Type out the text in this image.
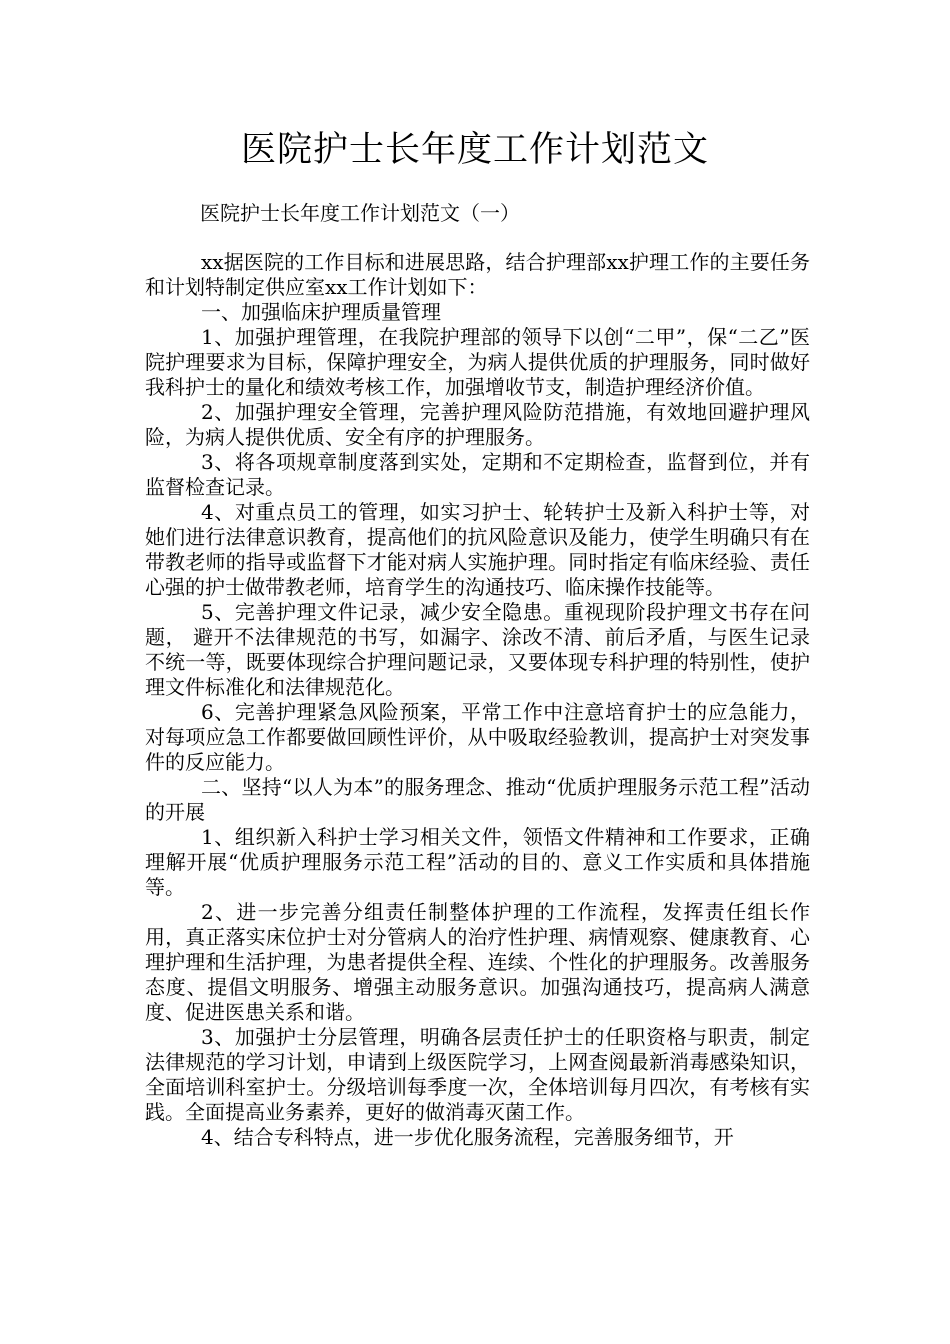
医院护士长年度工作计划范文

医院护士长年度工作计划范文（一）

xx据医院的工作目标和进展思路，结合护理部xx护理工作的主要任务和计划特制定供应室xx工作计划如下：

一、加强临床护理质量管理

1、加强护理管理，在我院护理部的领导下以创“二甲”，保“二乙”医院护理要求为目标，保障护理安全，为病人提供优质的护理服务，同时做好我科护士的量化和绩效考核工作，加强增收节支，制造护理经济价值。

2、加强护理安全管理，完善护理风险防范措施，有效地回避护理风险，为病人提供优质、安全有序的护理服务。

3、将各项规章制度落到实处，定期和不定期检查，监督到位，并有监督检查记录。

4、对重点员工的管理，如实习护士、轮转护士及新入科护士等，对她们进行法律意识教育，提高他们的抗风险意识及能力，使学生明确只有在带教老师的指导或监督下才能对病人实施护理。同时指定有临床经验、责任心强的护士做带教老师，培育学生的沟通技巧、临床操作技能等。

5、完善护理文件记录，减少安全隐患。重视现阶段护理文书存在问题， 避开不法律规范的书写，如漏字、涂改不清、前后矛盾，与医生记录不统一等，既要体现综合护理问题记录，又要体现专科护理的特别性，使护理文件标准化和法律规范化。

6、完善护理紧急风险预案，平常工作中注意培育护士的应急能力，对每项应急工作都要做回顾性评价，从中吸取经验教训，提高护士对突发事件的反应能力。

二、坚持“以人为本”的服务理念、推动“优质护理服务示范工程”活动的开展

1、组织新入科护士学习相关文件，领悟文件精神和工作要求，正确理解开展“优质护理服务示范工程”活动的目的、意义工作实质和具体措施等。

2、进一步完善分组责任制整体护理的工作流程，发挥责任组长作用，真正落实床位护士对分管病人的治疗性护理、病情观察、健康教育、心理护理和生活护理，为患者提供全程、连续、个性化的护理服务。改善服务态度、提倡文明服务、增强主动服务意识。加强沟通技巧，提高病人满意度、促进医患关系和谐。

3、加强护士分层管理，明确各层责任护士的任职资格与职责，制定法律规范的学习计划，申请到上级医院学习，上网查阅最新消毒感染知识，全面培训科室护士。分级培训每季度一次，全体培训每月四次，有考核有实践。全面提高业务素养，更好的做消毒灭菌工作。

4、结合专科特点，进一步优化服务流程，完善服务细节，开
